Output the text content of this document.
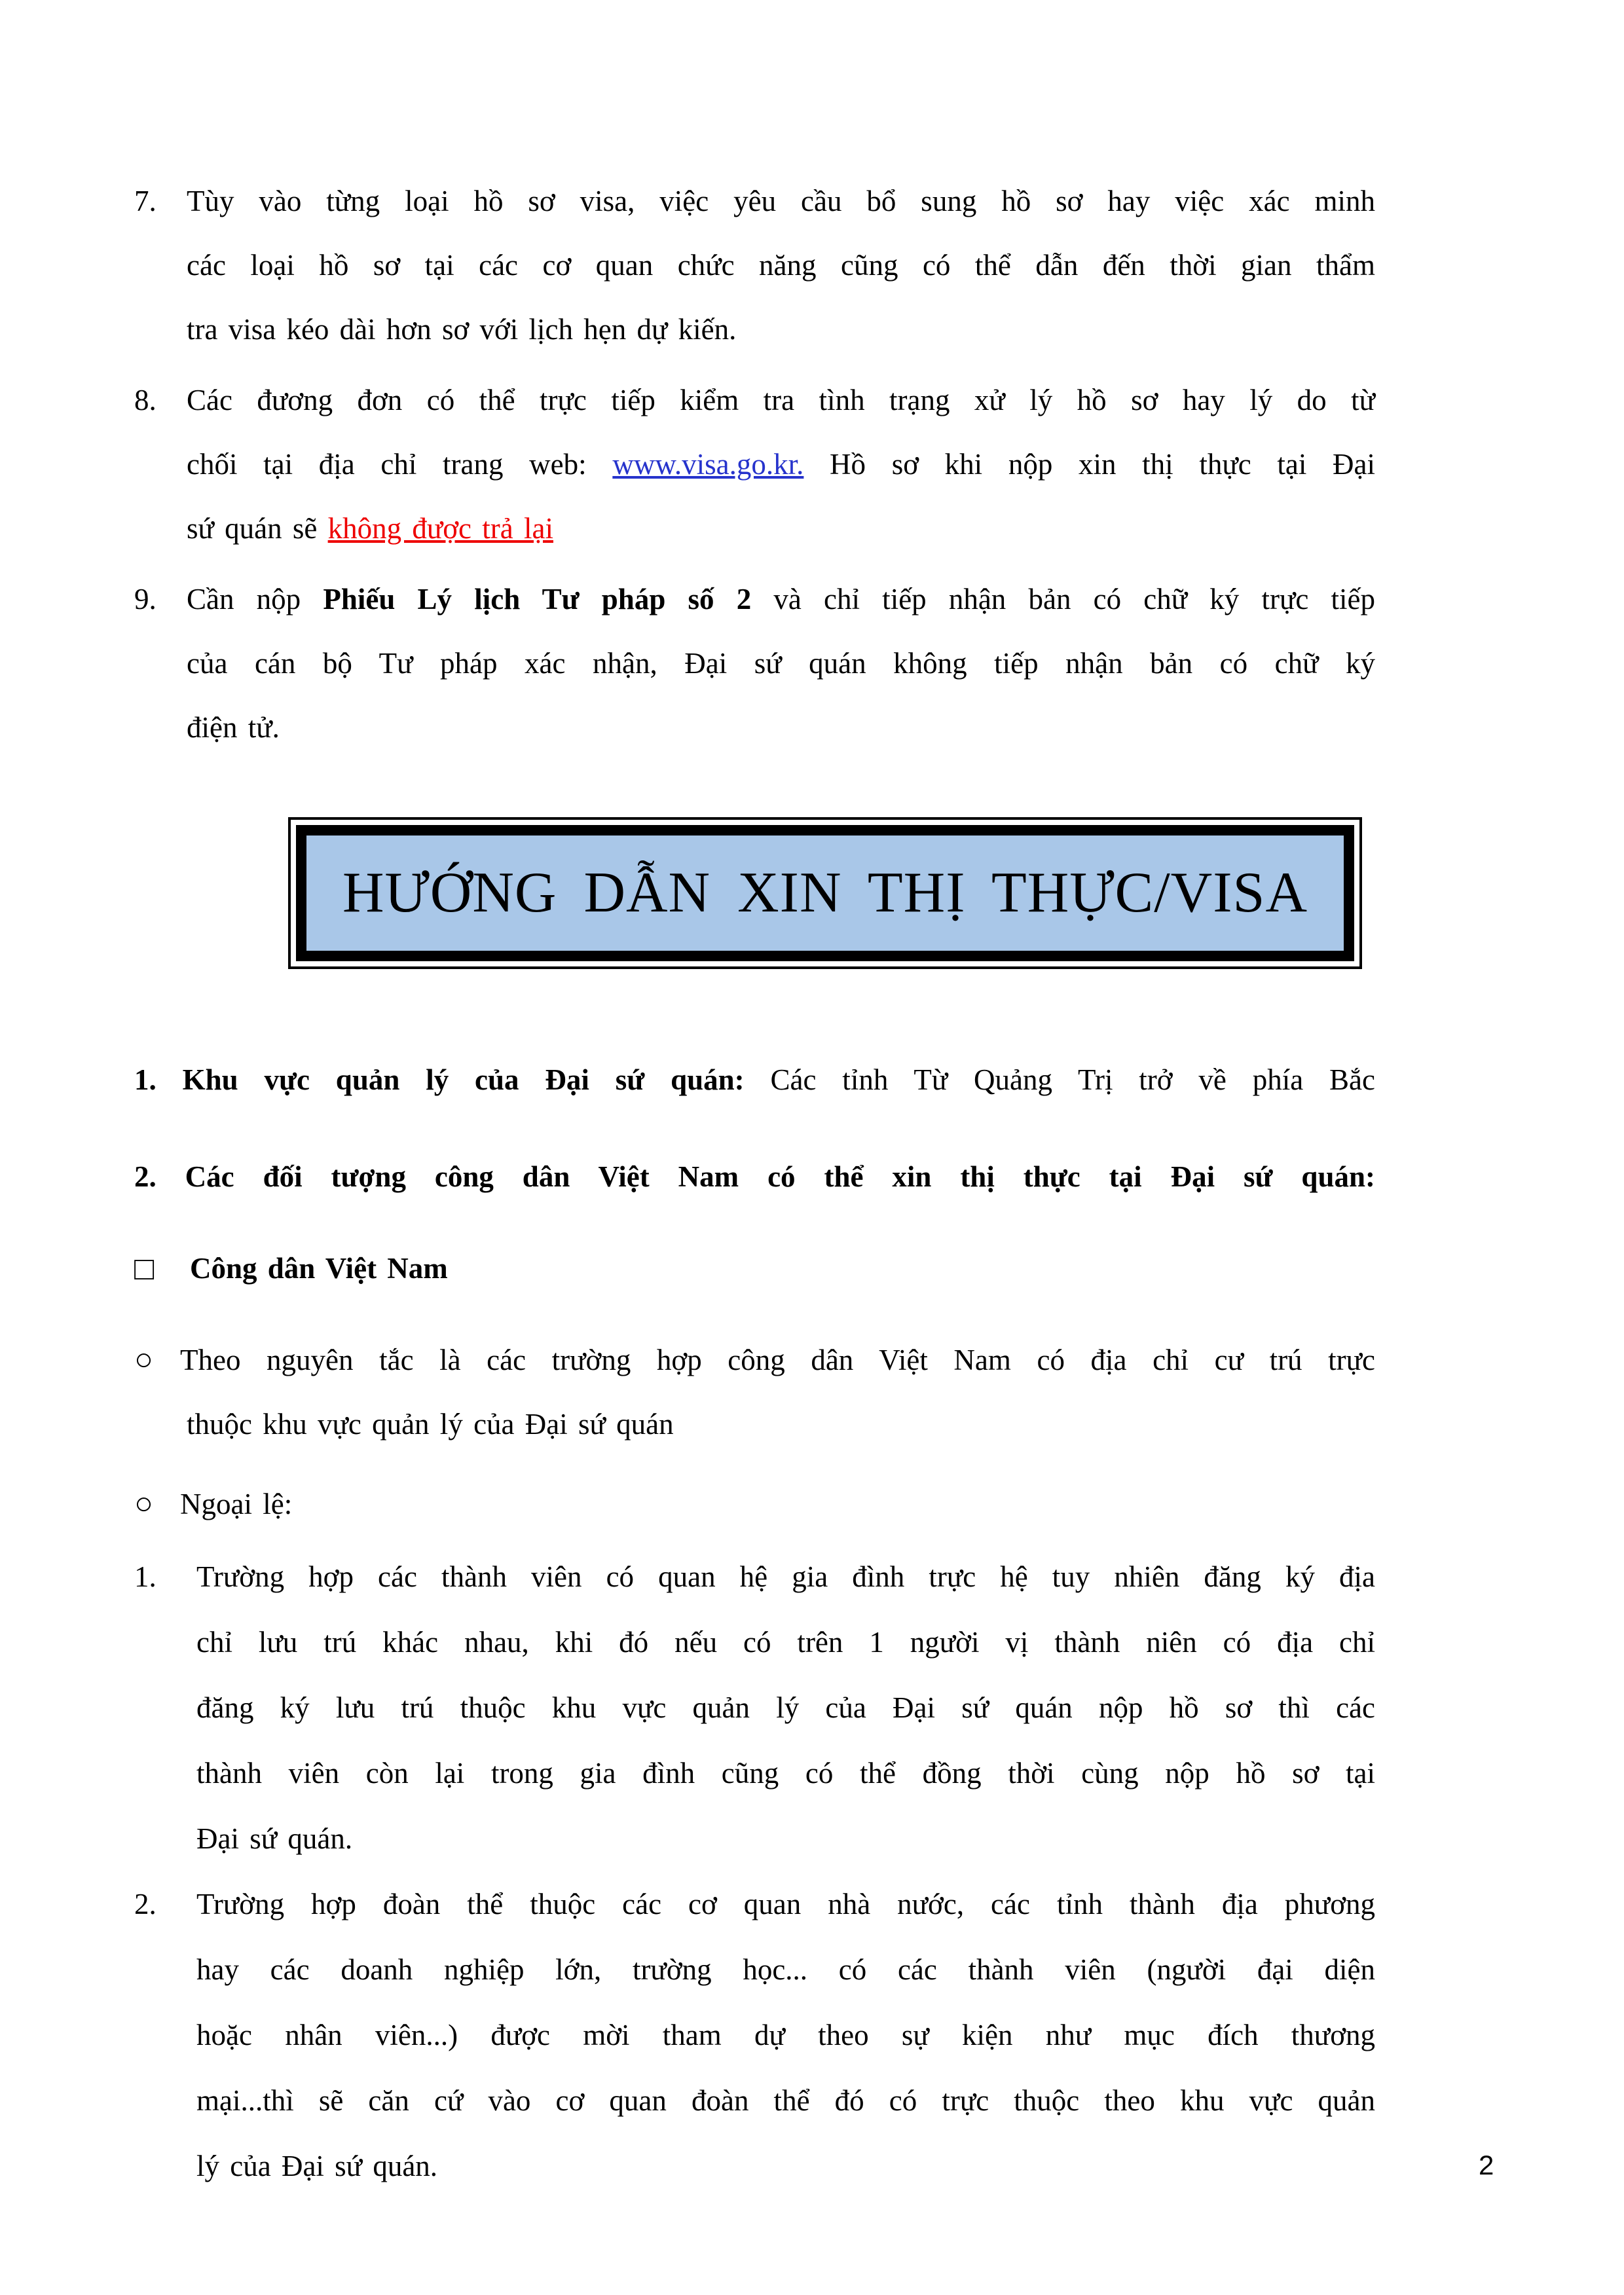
7. Tùy vào từng loại hồ sơ visa, việc yêu cầu bổ sung hồ sơ hay việc xác minh
các loại hồ sơ tại các cơ quan chức năng cũng có thể dẫn đến thời gian thẩm
tra visa kéo dài hơn sơ với lịch hẹn dự kiến.
8. Các đương đơn có thể trực tiếp kiểm tra tình trạng xử lý hồ sơ hay lý do từ
chối tại địa chỉ trang web: www.visa.go.kr. Hồ sơ khi nộp xin thị thực tại Đại
sứ quán sẽ không được trả lại
9. Cần nộp Phiếu Lý lịch Tư pháp số 2 và chỉ tiếp nhận bản có chữ ký trực tiếp
của cán bộ Tư pháp xác nhận, Đại sứ quán không tiếp nhận bản có chữ ký
điện tử.
HƯỚNG DẪN XIN THỊ THỰC/VISA
1. Khu vực quản lý của Đại sứ quán: Các tỉnh Từ Quảng Trị trở về phía Bắc
2. Các đối tượng công dân Việt Nam có thể xin thị thực tại Đại sứ quán:
□ Công dân Việt Nam
○ Theo nguyên tắc là các trường hợp công dân Việt Nam có địa chỉ cư trú trực
thuộc khu vực quản lý của Đại sứ quán
○ Ngoại lệ:
1. Trường hợp các thành viên có quan hệ gia đình trực hệ tuy nhiên đăng ký địa
chỉ lưu trú khác nhau, khi đó nếu có trên 1 người vị thành niên có địa chỉ
đăng ký lưu trú thuộc khu vực quản lý của Đại sứ quán nộp hồ sơ thì các
thành viên còn lại trong gia đình cũng có thể đồng thời cùng nộp hồ sơ tại
Đại sứ quán.
2. Trường hợp đoàn thể thuộc các cơ quan nhà nước, các tỉnh thành địa phương
hay các doanh nghiệp lớn, trường học... có các thành viên (người đại diện
hoặc nhân viên...) được mời tham dự theo sự kiện như mục đích thương
mại...thì sẽ căn cứ vào cơ quan đoàn thể đó có trực thuộc theo khu vực quản
lý của Đại sứ quán.	2
